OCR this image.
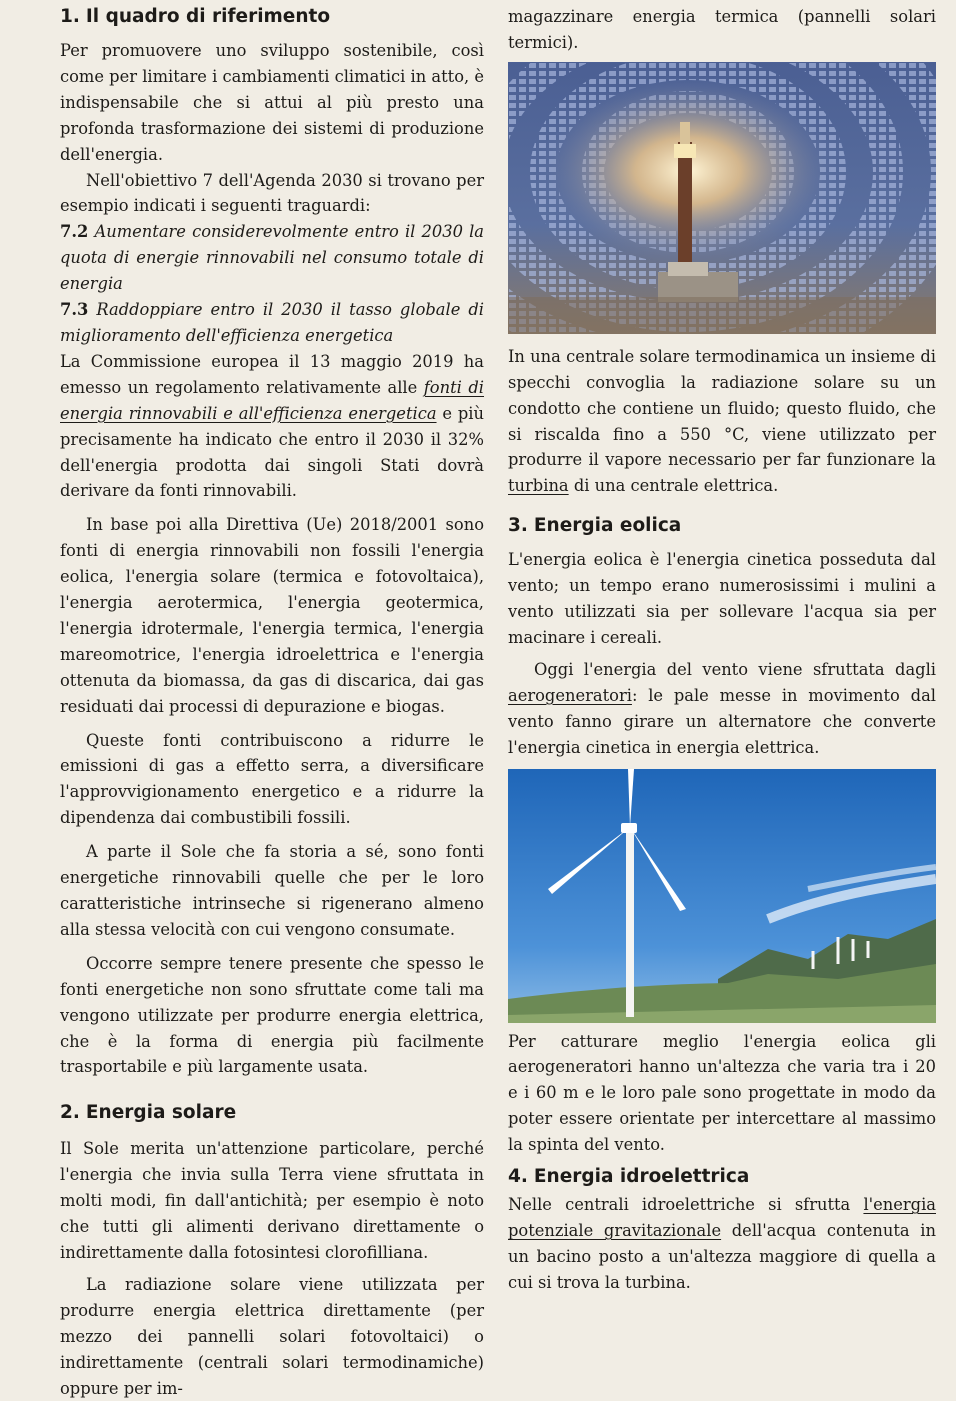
1. Il quadro di riferimento

Per promuovere uno sviluppo sostenibile, così come per limitare i cambiamenti climatici in atto, è indispensabile che si attui al più presto una profonda trasformazione dei sistemi di produzione dell'energia.

Nell'obiettivo 7 dell'Agenda 2030 si trovano per esempio indicati i seguenti traguardi:

7.2 Aumentare considerevolmente entro il 2030 la quota di energie rinnovabili nel consumo totale di energia

7.3 Raddoppiare entro il 2030 il tasso globale di miglioramento dell'efficienza energetica

La Commissione europea il 13 maggio 2019 ha emesso un regolamento relativamente alle fonti di energia rinnovabili e all'efficienza energetica e più precisamente ha indicato che entro il 2030 il 32% dell'energia prodotta dai singoli Stati dovrà derivare da fonti rinnovabili.

In base poi alla Direttiva (Ue) 2018/2001 sono fonti di energia rinnovabili non fossili l'energia eolica, l'energia solare (termica e fotovoltaica), l'energia aerotermica, l'energia geotermica, l'energia idrotermale, l'energia termica, l'energia mareomotrice, l'energia idroelettrica e l'energia ottenuta da biomassa, da gas di discarica, dai gas residuati dai processi di depurazione e biogas.

Queste fonti contribuiscono a ridurre le emissioni di gas a effetto serra, a diversificare l'approvvigionamento energetico e a ridurre la dipendenza dai combustibili fossili.

A parte il Sole che fa storia a sé, sono fonti energetiche rinnovabili quelle che per le loro caratteristiche intrinseche si rigenerano almeno alla stessa velocità con cui vengono consumate.

Occorre sempre tenere presente che spesso le fonti energetiche non sono sfruttate come tali ma vengono utilizzate per produrre energia elettrica, che è la forma di energia più facilmente trasportabile e più largamente usata.

2. Energia solare

Il Sole merita un'attenzione particolare, perché l'energia che invia sulla Terra viene sfruttata in molti modi, fin dall'antichità; per esempio è noto che tutti gli alimenti derivano direttamente o indirettamente dalla fotosintesi clorofilliana.

La radiazione solare viene utilizzata per produrre energia elettrica direttamente (per mezzo dei pannelli solari fotovoltaici) o indirettamente (centrali solari termodinamiche) oppure per im-

magazzinare energia termica (pannelli solari termici).

In una centrale solare termodinamica un insieme di specchi convoglia la radiazione solare su un condotto che contiene un fluido; questo fluido, che si riscalda fino a 550 °C, viene utilizzato per produrre il vapore necessario per far funzionare la turbina di una centrale elettrica.

3. Energia eolica

L'energia eolica è l'energia cinetica posseduta dal vento; un tempo erano numerosissimi i mulini a vento utilizzati sia per sollevare l'acqua sia per macinare i cereali.

Oggi l'energia del vento viene sfruttata dagli aerogeneratori: le pale messe in movimento dal vento fanno girare un alternatore che converte l'energia cinetica in energia elettrica.

Per catturare meglio l'energia eolica gli aerogeneratori hanno un'altezza che varia tra i 20 e i 60 m e le loro pale sono progettate in modo da poter essere orientate per intercettare al massimo la spinta del vento.

4. Energia idroelettrica

Nelle centrali idroelettriche si sfrutta l'energia potenziale gravitazionale dell'acqua contenuta in un bacino posto a un'altezza maggiore di quella a cui si trova la turbina.
